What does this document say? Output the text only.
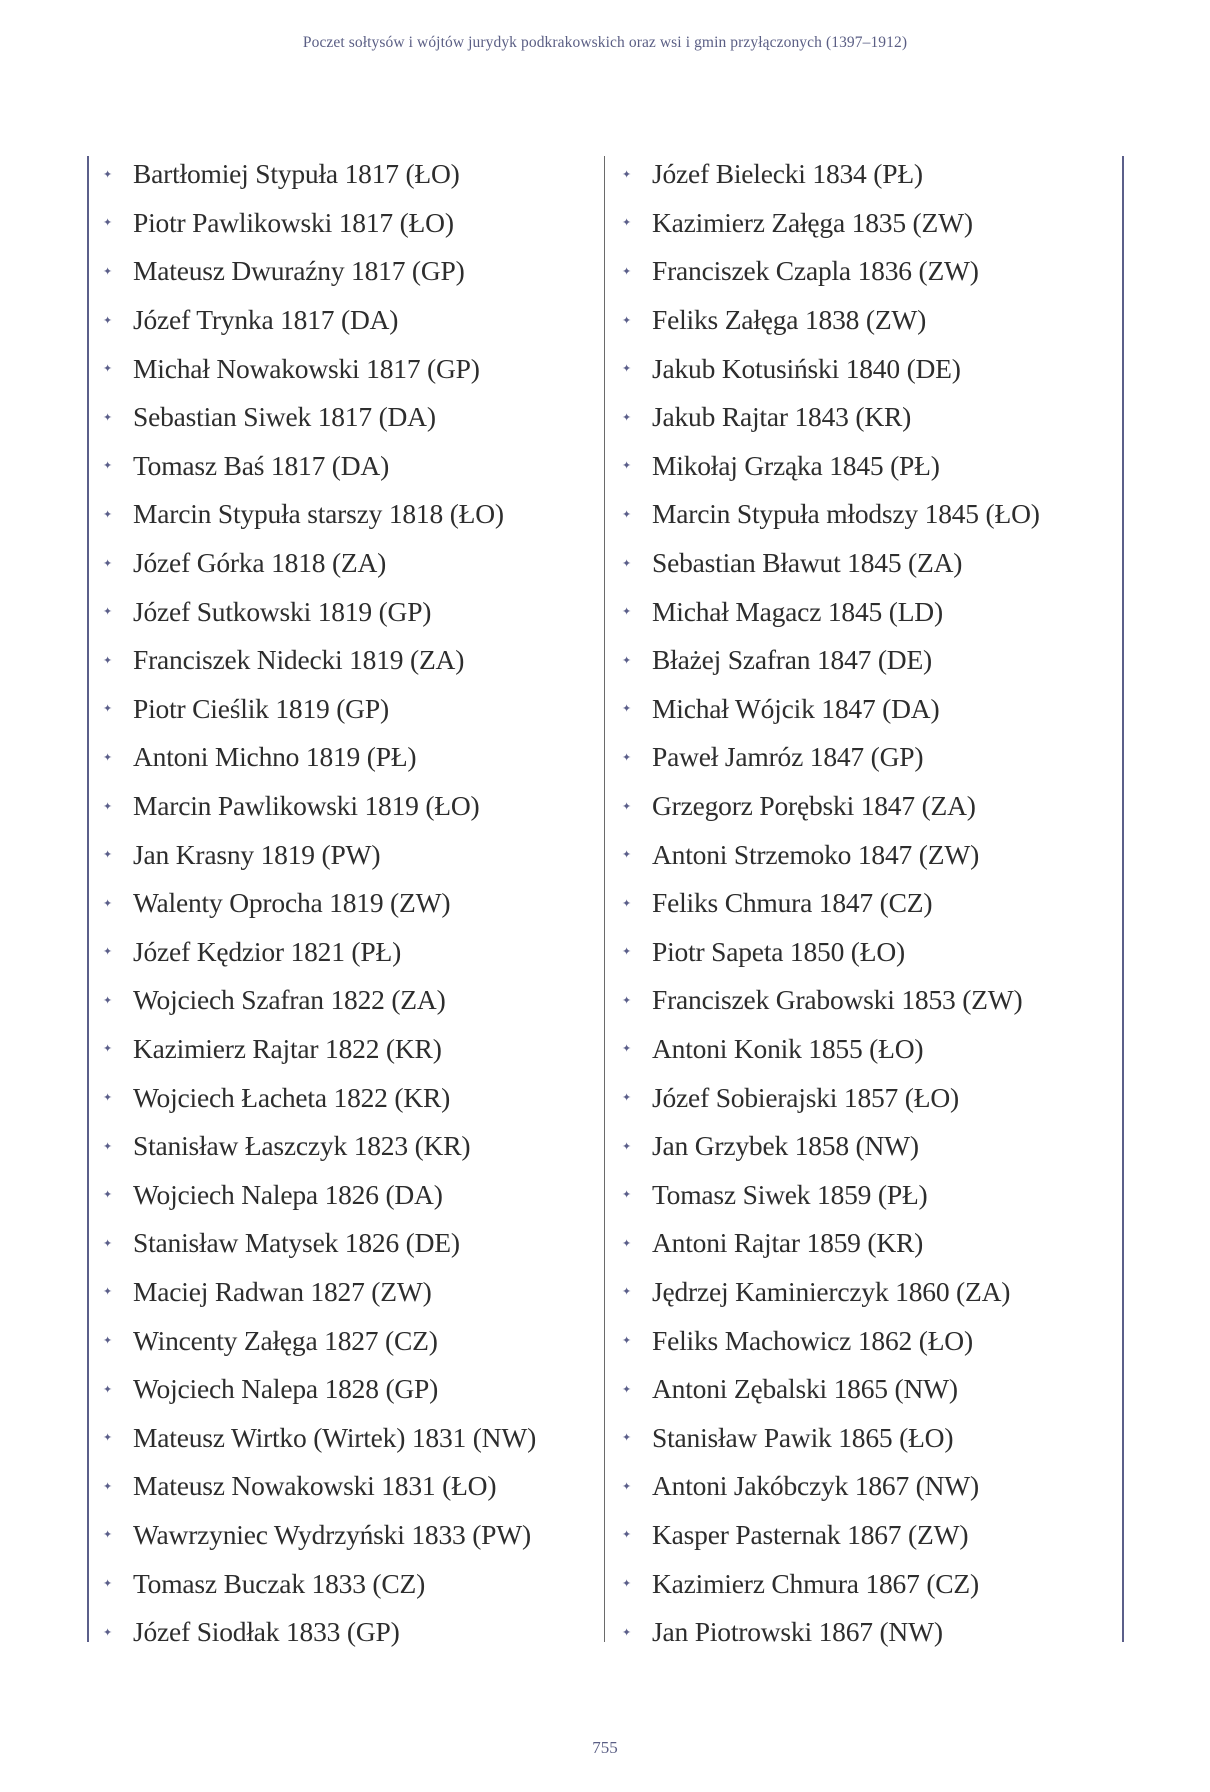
Poczet sołtysów i wójtów jurydyk podkrakowskich oraz wsi i gmin przyłączonych (1397–1912)
✦ Bartłomiej Stypuła 1817 (ŁO)
✦ Piotr Pawlikowski 1817 (ŁO)
✦ Mateusz Dwuraźny 1817 (GP)
✦ Józef Trynka 1817 (DA)
✦ Michał Nowakowski 1817 (GP)
✦ Sebastian Siwek 1817 (DA)
✦ Tomasz Baś 1817 (DA)
✦ Marcin Stypuła starszy 1818 (ŁO)
✦ Józef Górka 1818 (ZA)
✦ Józef Sutkowski 1819 (GP)
✦ Franciszek Nidecki 1819 (ZA)
✦ Piotr Cieślik 1819 (GP)
✦ Antoni Michno 1819 (PŁ)
✦ Marcin Pawlikowski 1819 (ŁO)
✦ Jan Krasny 1819 (PW)
✦ Walenty Oprocha 1819 (ZW)
✦ Józef Kędzior 1821 (PŁ)
✦ Wojciech Szafran 1822 (ZA)
✦ Kazimierz Rajtar 1822 (KR)
✦ Wojciech Łacheta 1822 (KR)
✦ Stanisław Łaszczyk 1823 (KR)
✦ Wojciech Nalepa 1826 (DA)
✦ Stanisław Matysek 1826 (DE)
✦ Maciej Radwan 1827 (ZW)
✦ Wincenty Załęga 1827 (CZ)
✦ Wojciech Nalepa 1828 (GP)
✦ Mateusz Wirtko (Wirtek) 1831 (NW)
✦ Mateusz Nowakowski 1831 (ŁO)
✦ Wawrzyniec Wydrzyński 1833 (PW)
✦ Tomasz Buczak 1833 (CZ)
✦ Józef Siodłak 1833 (GP)
✦ Józef Bielecki 1834 (PŁ)
✦ Kazimierz Załęga 1835 (ZW)
✦ Franciszek Czapla 1836 (ZW)
✦ Feliks Załęga 1838 (ZW)
✦ Jakub Kotusiński 1840 (DE)
✦ Jakub Rajtar 1843 (KR)
✦ Mikołaj Grząka 1845 (PŁ)
✦ Marcin Stypuła młodszy 1845 (ŁO)
✦ Sebastian Bławut 1845 (ZA)
✦ Michał Magacz 1845 (LD)
✦ Błażej Szafran 1847 (DE)
✦ Michał Wójcik 1847 (DA)
✦ Paweł Jamróz 1847 (GP)
✦ Grzegorz Porębski 1847 (ZA)
✦ Antoni Strzemoko 1847 (ZW)
✦ Feliks Chmura 1847 (CZ)
✦ Piotr Sapeta 1850 (ŁO)
✦ Franciszek Grabowski 1853 (ZW)
✦ Antoni Konik 1855 (ŁO)
✦ Józef Sobierajski 1857 (ŁO)
✦ Jan Grzybek 1858 (NW)
✦ Tomasz Siwek 1859 (PŁ)
✦ Antoni Rajtar 1859 (KR)
✦ Jędrzej Kaminierczyk 1860 (ZA)
✦ Feliks Machowicz 1862 (ŁO)
✦ Antoni Zębalski 1865 (NW)
✦ Stanisław Pawik 1865 (ŁO)
✦ Antoni Jakóbczyk 1867 (NW)
✦ Kasper Pasternak 1867 (ZW)
✦ Kazimierz Chmura 1867 (CZ)
✦ Jan Piotrowski 1867 (NW)
755
